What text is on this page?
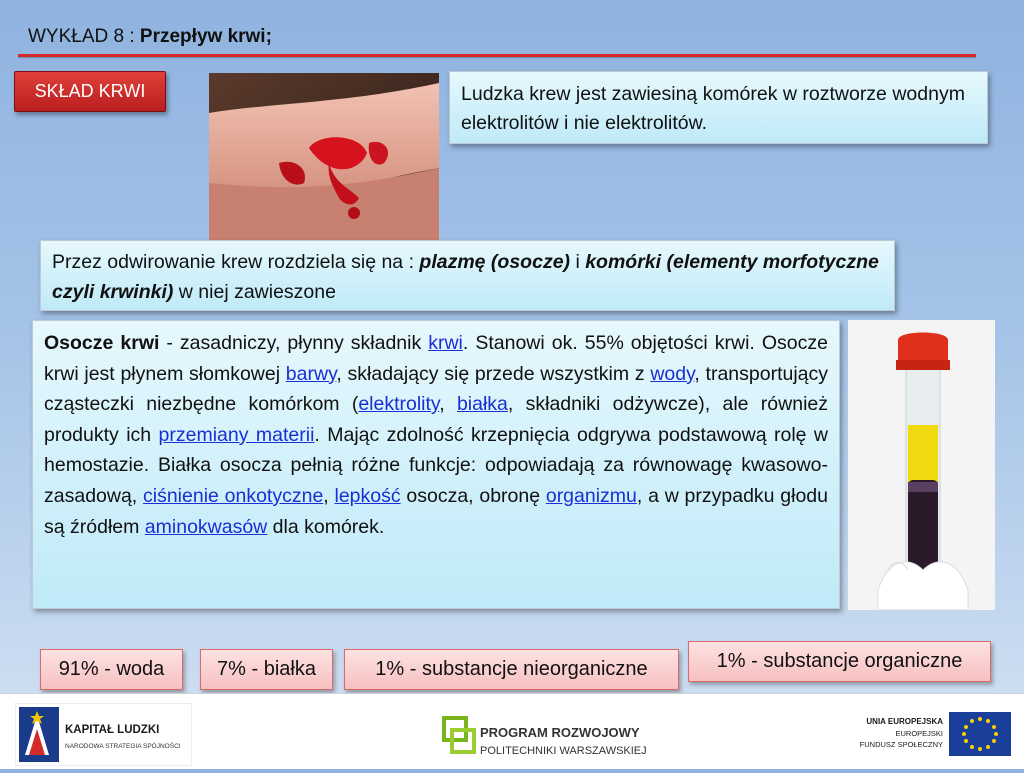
WYKŁAD 8 : Przepływ krwi;
SKŁAD KRWI	Ludzka krew jest zawiesiną komórek w roztworze wodnym elektrolitów i nie elektrolitów.
Przez odwirowanie krew rozdziela się na : plazmę (osocze) i komórki (elementy morfotyczne czyli krwinki) w niej zawieszone
Osocze krwi - zasadniczy, płynny składnik krwi. Stanowi ok. 55% objętości krwi. Osocze krwi jest płynem słomkowej barwy, składający się przede wszystkim z wody, transportujący cząsteczki niezbędne komórkom (elektrolity, białka, składniki odżywcze), ale również produkty ich przemiany materii. Mając zdolność krzepnięcia odgrywa podstawową rolę w hemostazie. Białka osocza pełnią różne funkcje: odpowiadają za równowagę kwasowo-zasadową, ciśnienie onkotyczne, lepkość osocza, obronę organizmu, a w przypadku głodu są źródłem aminokwasów dla komórek.
91% - woda	7% - białka	1% - substancje nieorganiczne	1% - substancje organiczne
KAPITAŁ LUDZKI
NARODOWA STRATEGIA SPÓJNOŚCI
PROGRAM ROZWOJOWY
POLITECHNIKI WARSZAWSKIEJ
UNIA EUROPEJSKA
EUROPEJSKI
FUNDUSZ SPOŁECZNY
